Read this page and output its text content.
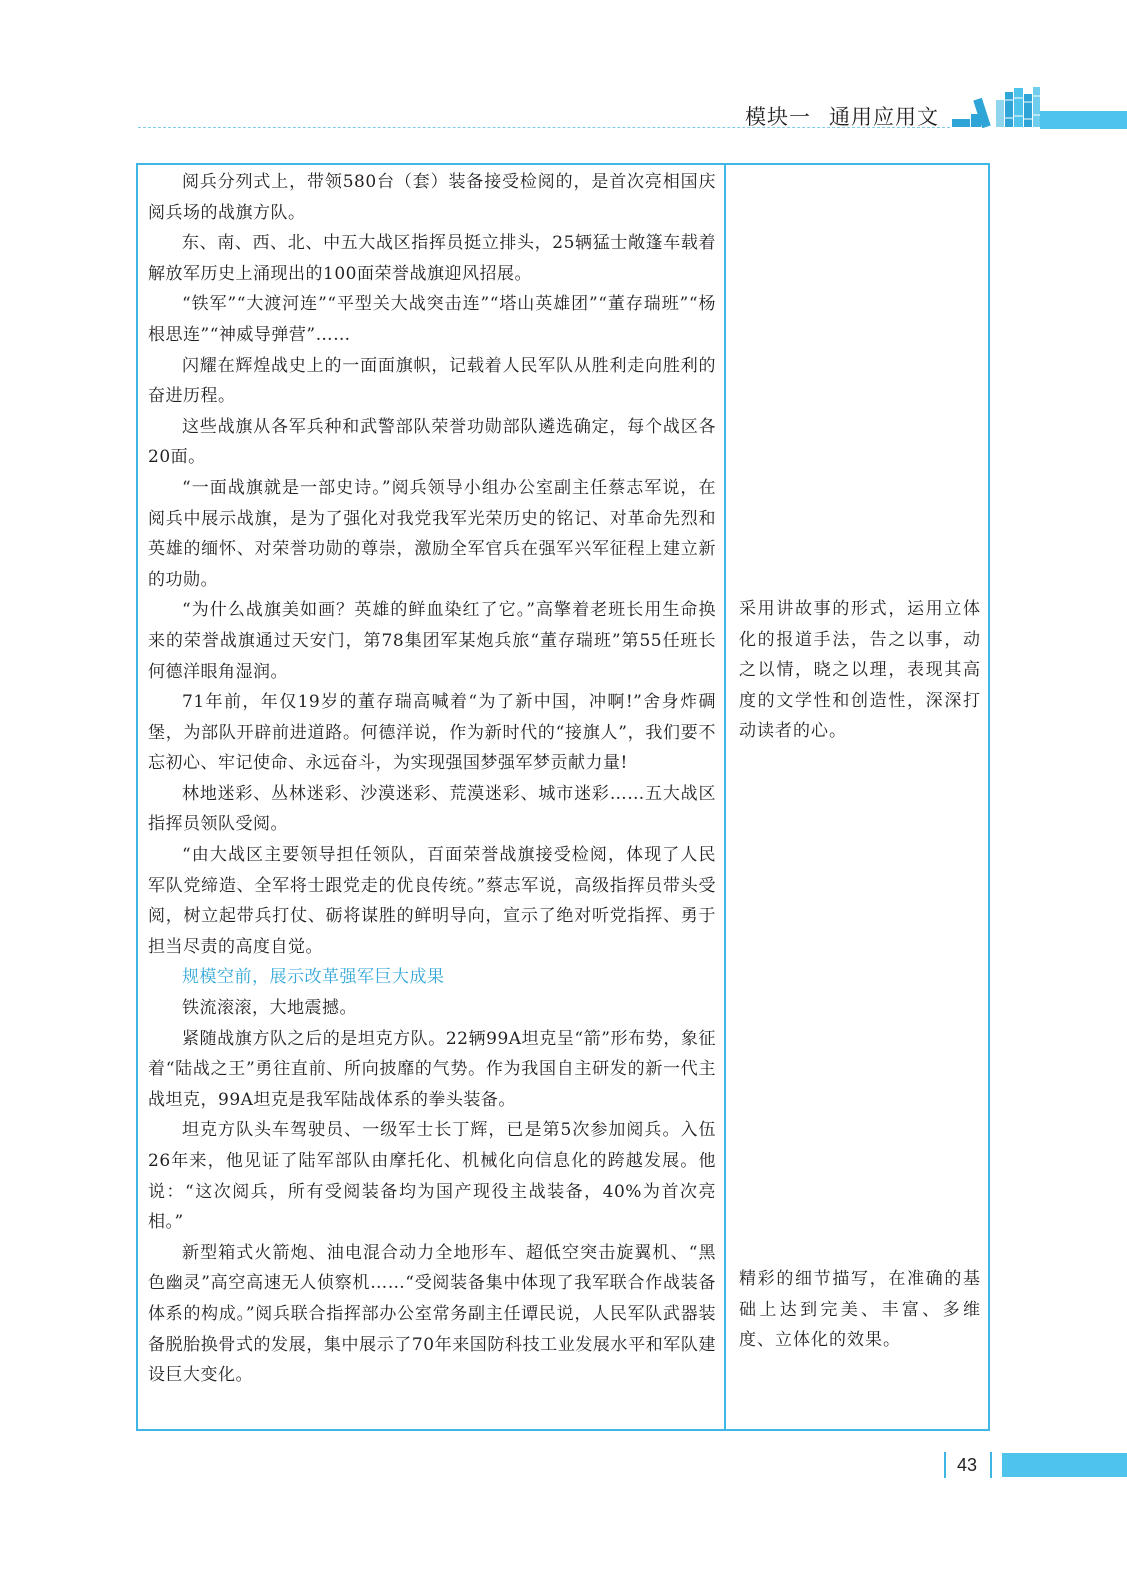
模块一 通用应用文

阅兵分列式上，带领580台（套）装备接受检阅的，是首次亮相国庆阅兵场的战旗方队。

东、南、西、北、中五大战区指挥员挺立排头，25辆猛士敞篷车载着解放军历史上涌现出的100面荣誉战旗迎风招展。

“铁军”“大渡河连”“平型关大战突击连”“塔山英雄团”“董存瑞班”“杨根思连”“神威导弹营”……

闪耀在辉煌战史上的一面面旗帜，记载着人民军队从胜利走向胜利的奋进历程。

这些战旗从各军兵种和武警部队荣誉功勋部队遴选确定，每个战区各20面。

“一面战旗就是一部史诗。”阅兵领导小组办公室副主任蔡志军说，在阅兵中展示战旗，是为了强化对我党我军光荣历史的铭记、对革命先烈和英雄的缅怀、对荣誉功勋的尊崇，激励全军官兵在强军兴军征程上建立新的功勋。

“为什么战旗美如画？英雄的鲜血染红了它。”高擎着老班长用生命换来的荣誉战旗通过天安门，第78集团军某炮兵旅“董存瑞班”第55任班长何德洋眼角湿润。

71年前，年仅19岁的董存瑞高喊着“为了新中国，冲啊!”舍身炸碉堡，为部队开辟前进道路。何德洋说，作为新时代的“接旗人”，我们要不忘初心、牢记使命、永远奋斗，为实现强国梦强军梦贡献力量!

林地迷彩、丛林迷彩、沙漠迷彩、荒漠迷彩、城市迷彩……五大战区指挥员领队受阅。

“由大战区主要领导担任领队，百面荣誉战旗接受检阅，体现了人民军队党缔造、全军将士跟党走的优良传统。”蔡志军说，高级指挥员带头受阅，树立起带兵打仗、砺将谋胜的鲜明导向，宣示了绝对听党指挥、勇于担当尽责的高度自觉。

规模空前，展示改革强军巨大成果

铁流滚滚，大地震撼。

紧随战旗方队之后的是坦克方队。22辆99A坦克呈“箭”形布势，象征着“陆战之王”勇往直前、所向披靡的气势。作为我国自主研发的新一代主战坦克，99A坦克是我军陆战体系的拳头装备。

坦克方队头车驾驶员、一级军士长丁辉，已是第5次参加阅兵。入伍26年来，他见证了陆军部队由摩托化、机械化向信息化的跨越发展。他说：“这次阅兵，所有受阅装备均为国产现役主战装备，40%为首次亮相。”

新型箱式火箭炮、油电混合动力全地形车、超低空突击旋翼机、“黑色幽灵”高空高速无人侦察机……“受阅装备集中体现了我军联合作战装备体系的构成。”阅兵联合指挥部办公室常务副主任谭民说，人民军队武器装备脱胎换骨式的发展，集中展示了70年来国防科技工业发展水平和军队建设巨大变化。

采用讲故事的形式，运用立体化的报道手法，告之以事，动之以情，晓之以理，表现其高度的文学性和创造性，深深打动读者的心。

精彩的细节描写，在准确的基础上达到完美、丰富、多维度、立体化的效果。

43
